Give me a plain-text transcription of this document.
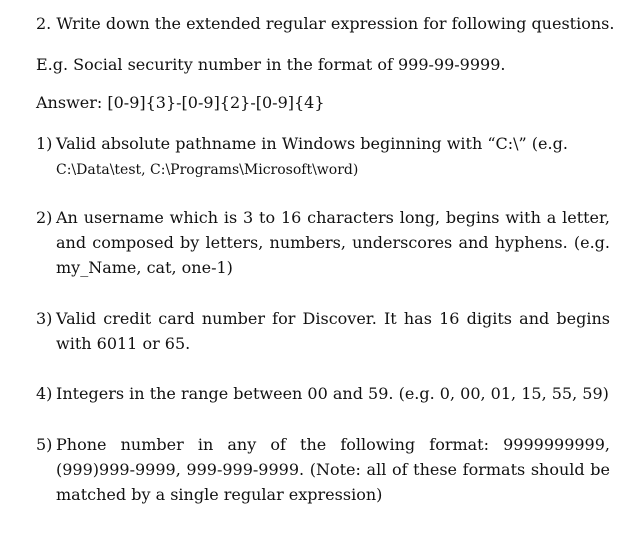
2. Write down the extended regular expression for following questions.

E.g. Social security number in the format of 999-99-9999.

Answer: [0-9]{3}-[0-9]{2}-[0-9]{4}

1) Valid absolute pathname in Windows beginning with “C:\” (e.g.
C:\Data\test, C:\Programs\Microsoft\word)
2) An username which is 3 to 16 characters long, begins with a letter, and composed by letters, numbers, underscores and hyphens. (e.g. my_Name, cat, one-1)
3) Valid credit card number for Discover. It has 16 digits and begins with 6011 or 65.
4) Integers in the range between 00 and 59. (e.g. 0, 00, 01, 15, 55, 59)
5) Phone number in any of the following format: 9999999999, (999)999-9999, 999-999-9999. (Note: all of these formats should be matched by a single regular expression)
